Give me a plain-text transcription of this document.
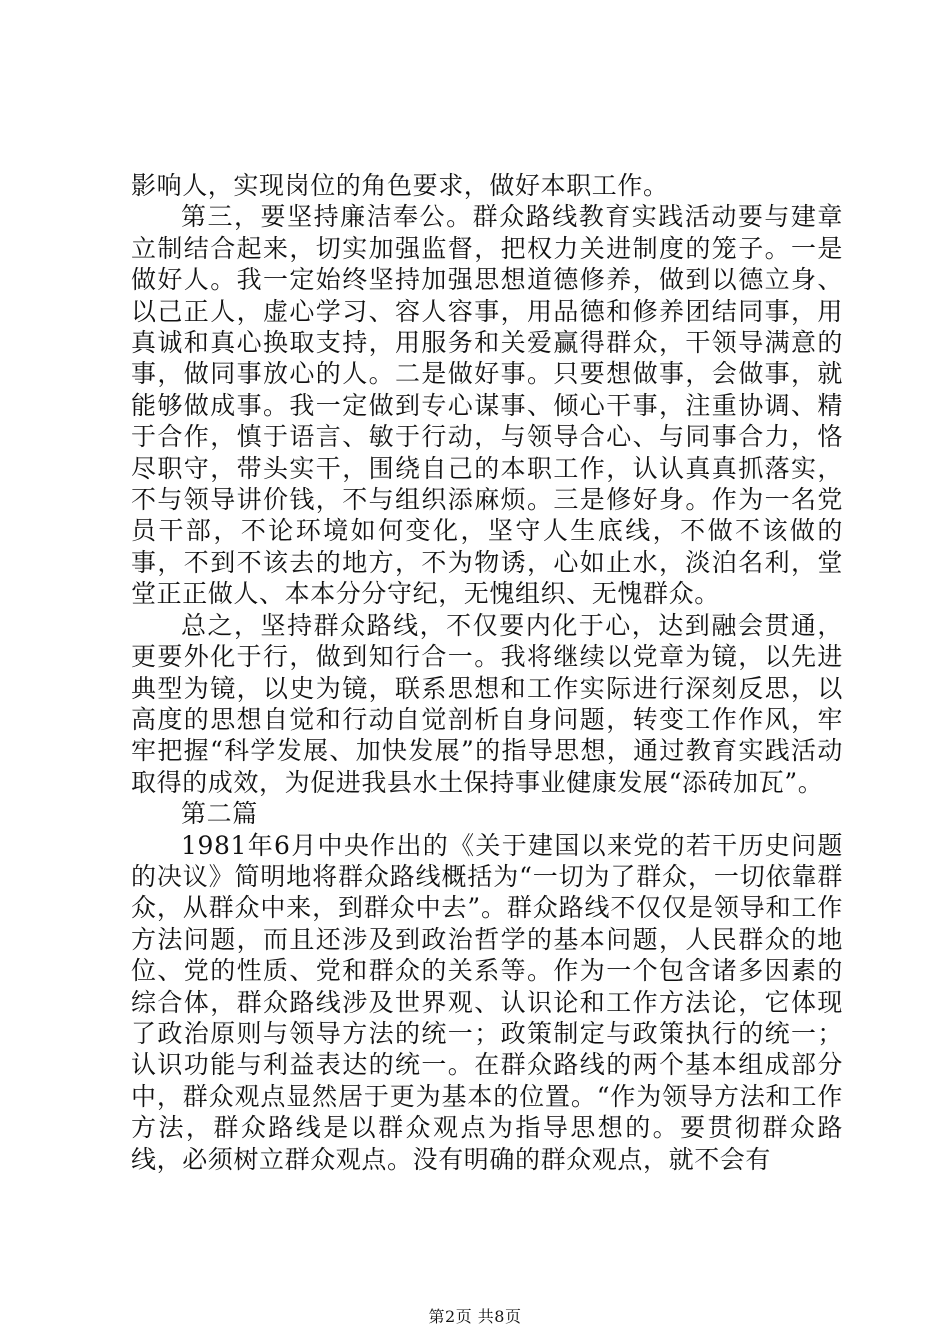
影响人，实现岗位的角色要求，做好本职工作。

第三，要坚持廉洁奉公。群众路线教育实践活动要与建章立制结合起来，切实加强监督，把权力关进制度的笼子。一是做好人。我一定始终坚持加强思想道德修养，做到以德立身、以己正人，虚心学习、容人容事，用品德和修养团结同事，用真诚和真心换取支持，用服务和关爱赢得群众，干领导满意的事，做同事放心的人。二是做好事。只要想做事，会做事，就能够做成事。我一定做到专心谋事、倾心干事，注重协调、精于合作，慎于语言、敏于行动，与领导合心、与同事合力，恪尽职守，带头实干，围绕自己的本职工作，认认真真抓落实，不与领导讲价钱，不与组织添麻烦。三是修好身。作为一名党员干部，不论环境如何变化，坚守人生底线，不做不该做的事，不到不该去的地方，不为物诱，心如止水，淡泊名利，堂堂正正做人、本本分分守纪，无愧组织、无愧群众。

总之，坚持群众路线，不仅要内化于心，达到融会贯通，更要外化于行，做到知行合一。我将继续以党章为镜，以先进典型为镜，以史为镜，联系思想和工作实际进行深刻反思，以高度的思想自觉和行动自觉剖析自身问题，转变工作作风，牢牢把握“科学发展、加快发展”的指导思想，通过教育实践活动取得的成效，为促进我县水土保持事业健康发展“添砖加瓦”。

第二篇

1981年6月中央作出的《关于建国以来党的若干历史问题的决议》简明地将群众路线概括为“一切为了群众，一切依靠群众，从群众中来，到群众中去”。群众路线不仅仅是领导和工作方法问题，而且还涉及到政治哲学的基本问题，人民群众的地位、党的性质、党和群众的关系等。作为一个包含诸多因素的综合体，群众路线涉及世界观、认识论和工作方法论，它体现了政治原则与领导方法的统一；政策制定与政策执行的统一；认识功能与利益表达的统一。在群众路线的两个基本组成部分中，群众观点显然居于更为基本的位置。“作为领导方法和工作方法，群众路线是以群众观点为指导思想的。要贯彻群众路线，必须树立群众观点。没有明确的群众观点，就不会有

第2页 共8页
